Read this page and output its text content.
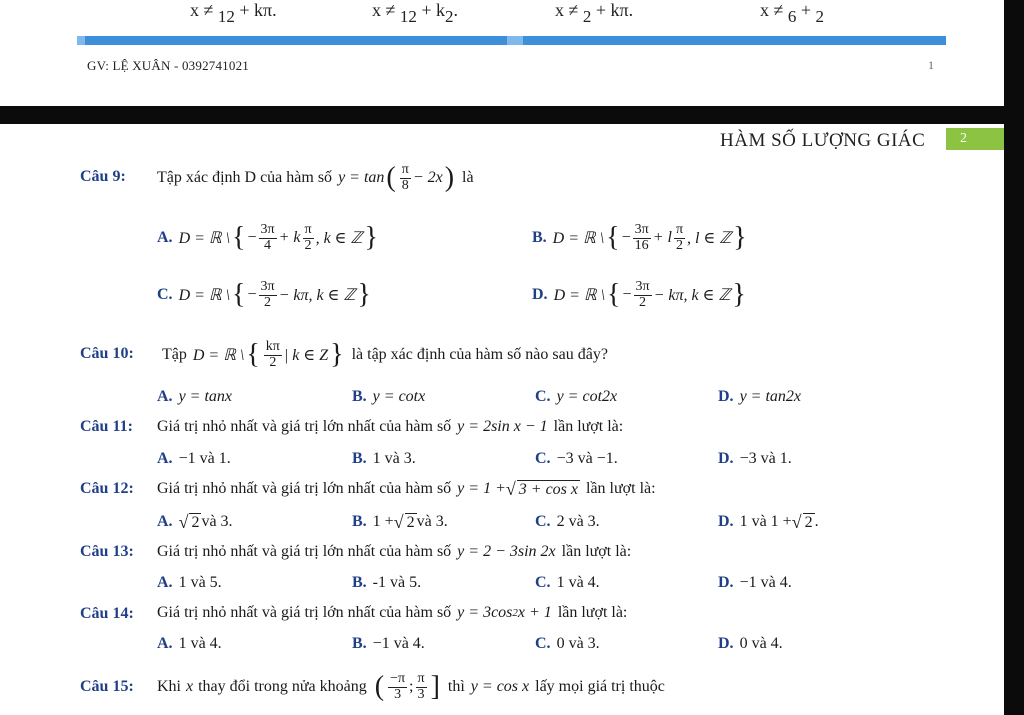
x ≠ $_{12}$ + kπ.	$x \ne _{12} + k_2$.	x ≠ $_2$ + kπ.	x ≠ $_6$ + $_2$
GV: LỆ XUÂN - 0392741021	1
HÀM SỐ LƯỢNG GIÁC	2
Câu 9: Tập xác định D của hàm số y = tan ( $\frac{\pi}{8} - 2x$ ) là
A. D = ℝ \ { − $\frac{3\pi}{4} + k \frac{\pi}{2}$ , k ∈ ℤ }	B. D = ℝ \ { − $\frac{3\pi}{16} + l \frac{\pi}{2}$ , l ∈ ℤ }
C. D = ℝ \ { − $\frac{3\pi}{2} - k\pi$, k ∈ ℤ }	D. D = ℝ \ { − $\frac{3\pi}{2} - k\pi$, k ∈ ℤ }
Câu 10: Tập D = ℝ \ { $\frac{k\pi}{2}$ | k ∈ Z } là tập xác định của hàm số nào sau đây?
A. y = tanx	B. y = cotx	C. y = cot2x	D. y = tan2x
Câu 11: Giá trị nhỏ nhất và giá trị lớn nhất của hàm số y = 2sin x − 1 lần lượt là:
A. −1 và 1.	B. 1 và 3.	C. −3 và −1.	D. −3 và 1.
Câu 12: Giá trị nhỏ nhất và giá trị lớn nhất của hàm số y = 1 + √ 3 + cos x lần lượt là:
A. √ 2 và 3.	B. 1 + √ 2 và 3.	C. 2 và 3.	D. 1 và 1 + √ 2 .
Câu 13: Giá trị nhỏ nhất và giá trị lớn nhất của hàm số y = 2 − 3sin 2x lần lượt là:
A. 1 và 5.	B. -1 và 5.	C. 1 và 4.	D. −1 và 4.
Câu 14: Giá trị nhỏ nhất và giá trị lớn nhất của hàm số y = 3cos 2 x + 1 lần lượt là:
A. 1 và 4.	B. −1 và 4.	C. 0 và 3.	D. 0 và 4.
Câu 15: Khi x thay đổi trong nửa khoảng ( $\frac{-\pi}{3}$ ; $\frac{\pi}{3}$ ] thì y = cos x lấy mọi giá trị thuộc
